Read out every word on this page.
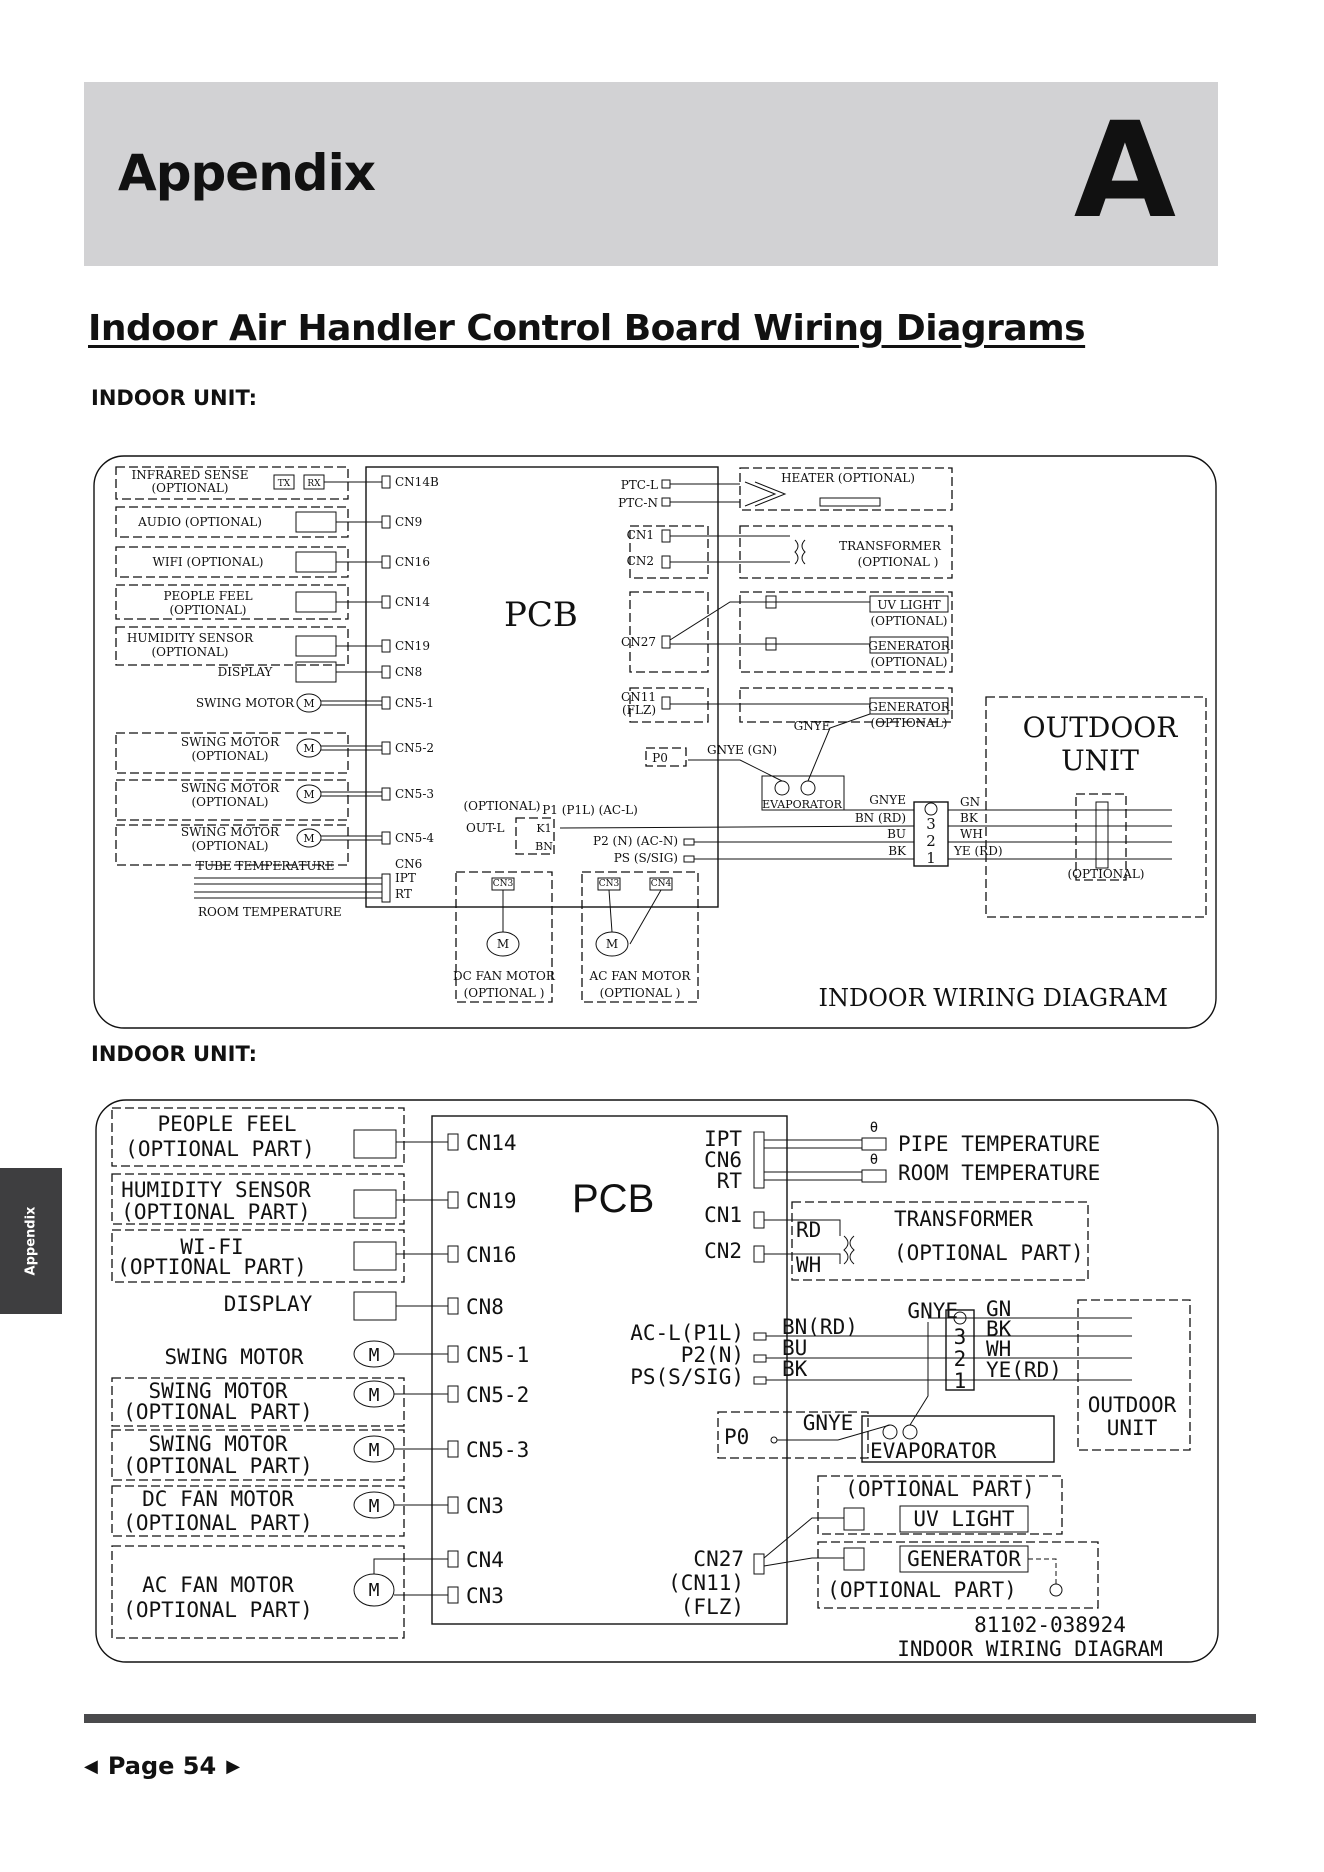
Appendix	A
Indoor Air Handler Control Board Wiring Diagrams
INDOOR UNIT:
PCB
INFRARED SENSE
(OPTIONAL)	TX RX
AUDIO (OPTIONAL)
WIFI (OPTIONAL)
PEOPLE FEEL
(OPTIONAL)
HUMIDITY SENSOR
(OPTIONAL)
DISPLAY
SWING MOTOR M
M
M
M
SWING MOTOR
(OPTIONAL)
SWING MOTOR
(OPTIONAL)
SWING MOTOR
(OPTIONAL)
CN14B
CN9
CN16
CN14
CN19
CN8
CN5-1
CN5-2
CN5-3
CN5-4
TUBE TEMPERATURE
ROOM TEMPERATURE
CN6
IPT
RT
PTC-L
PTC-N
CN1
CN2
CN27
CN11
(FLZ)
HEATER (OPTIONAL)
TRANSFORMER
(OPTIONAL )
UV LIGHT
(OPTIONAL)
GENERATOR
(OPTIONAL)
GENERATOR
(OPTIONAL)
GNYE
P0
GNYE (GN)
EVAPORATOR
(OPTIONAL) P1 (P1L) (AC-L)
OUT-L	K1
BN	P2 (N) (AC-N)
PS (S/SIG)
GNYE
BN (RD)
BU
BK
3
2
1
GN
BK
WH
YE (RD)
OUTDOOR
UNIT
(OPTIONAL)
CN3	CN3	CN4
M	M
DC FAN MOTOR
(OPTIONAL )
AC FAN MOTOR
(OPTIONAL )	INDOOR WIRING DIAGRAM
INDOOR UNIT:
PCB
PEOPLE FEEL
(OPTIONAL PART)
HUMIDITY SENSOR
(OPTIONAL PART)
WI-FI
(OPTIONAL PART)
DISPLAY
SWING MOTOR
SWING MOTOR
(OPTIONAL PART)
SWING MOTOR
(OPTIONAL PART)
DC FAN MOTOR
(OPTIONAL PART)
AC FAN MOTOR
(OPTIONAL PART)
M
M
M
M
M
CN14
CN19
CN16
CN8
CN5-1
CN5-2
CN5-3
CN3
CN4
CN3
IPT
CN6
RT
θ
θ
PIPE TEMPERATURE
ROOM TEMPERATURE
CN1
CN2
RD
WH
TRANSFORMER
(OPTIONAL PART)
AC-L(P1L)
P2(N)
PS(S/SIG)
GNYE
BN(RD)
BU
BK
3
2
1
GN
BK
WH
YE(RD)
OUTDOOR
UNIT
P0
GNYE
EVAPORATOR
(OPTIONAL PART)
UV LIGHT
GENERATOR
(OPTIONAL PART)
CN27
(CN11)
(FLZ)
81102-038924
INDOOR WIRING DIAGRAM
Appendix
◀ Page 54 ▶
